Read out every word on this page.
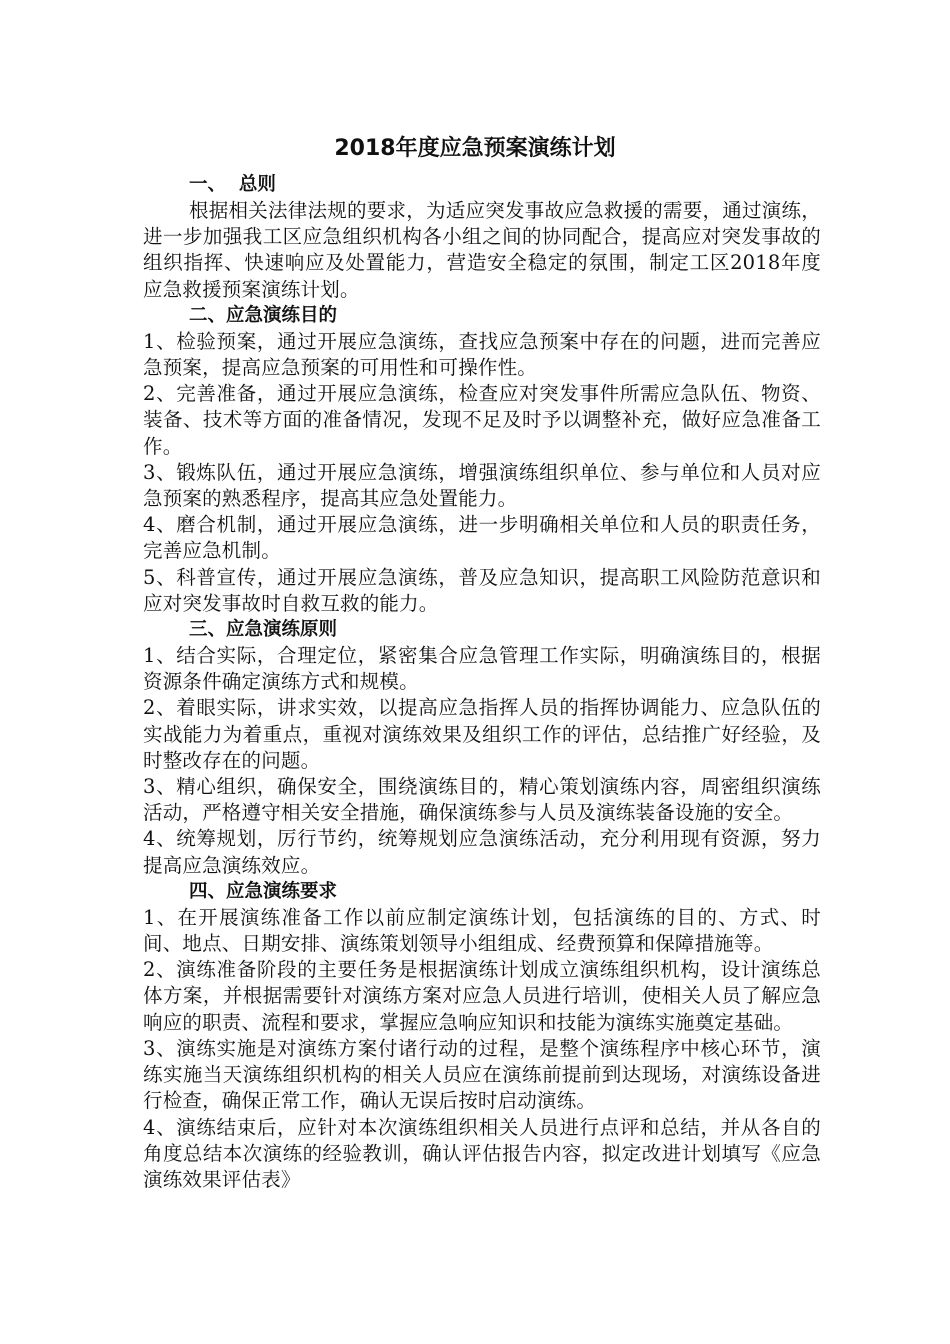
2018年度应急预案演练计划

一、  总则

根据相关法律法规的要求，为适应突发事故应急救援的需要，通过演练，进一步加强我工区应急组织机构各小组之间的协同配合，提高应对突发事故的组织指挥、快速响应及处置能力，营造安全稳定的氛围，制定工区2018年度应急救援预案演练计划。

二、应急演练目的

1、检验预案，通过开展应急演练，查找应急预案中存在的问题，进而完善应急预案，提高应急预案的可用性和可操作性。

2、完善准备，通过开展应急演练，检查应对突发事件所需应急队伍、物资、装备、技术等方面的准备情况，发现不足及时予以调整补充，做好应急准备工作。

3、锻炼队伍，通过开展应急演练，增强演练组织单位、参与单位和人员对应急预案的熟悉程序，提高其应急处置能力。

4、磨合机制，通过开展应急演练，进一步明确相关单位和人员的职责任务，完善应急机制。

5、科普宣传，通过开展应急演练，普及应急知识，提高职工风险防范意识和应对突发事故时自救互救的能力。

三、应急演练原则

1、结合实际，合理定位，紧密集合应急管理工作实际，明确演练目的，根据资源条件确定演练方式和规模。

2、着眼实际，讲求实效，以提高应急指挥人员的指挥协调能力、应急队伍的实战能力为着重点，重视对演练效果及组织工作的评估，总结推广好经验，及时整改存在的问题。

3、精心组织，确保安全，围绕演练目的，精心策划演练内容，周密组织演练活动，严格遵守相关安全措施，确保演练参与人员及演练装备设施的安全。

4、统筹规划，厉行节约，统筹规划应急演练活动，充分利用现有资源，努力提高应急演练效应。

四、应急演练要求

1、在开展演练准备工作以前应制定演练计划，包括演练的目的、方式、时间、地点、日期安排、演练策划领导小组组成、经费预算和保障措施等。

2、演练准备阶段的主要任务是根据演练计划成立演练组织机构，设计演练总体方案，并根据需要针对演练方案对应急人员进行培训，使相关人员了解应急响应的职责、流程和要求，掌握应急响应知识和技能为演练实施奠定基础。

3、演练实施是对演练方案付诸行动的过程，是整个演练程序中核心环节，演练实施当天演练组织机构的相关人员应在演练前提前到达现场，对演练设备进行检查，确保正常工作，确认无误后按时启动演练。

4、演练结束后，应针对本次演练组织相关人员进行点评和总结，并从各自的角度总结本次演练的经验教训，确认评估报告内容，拟定改进计划填写《应急演练效果评估表》
